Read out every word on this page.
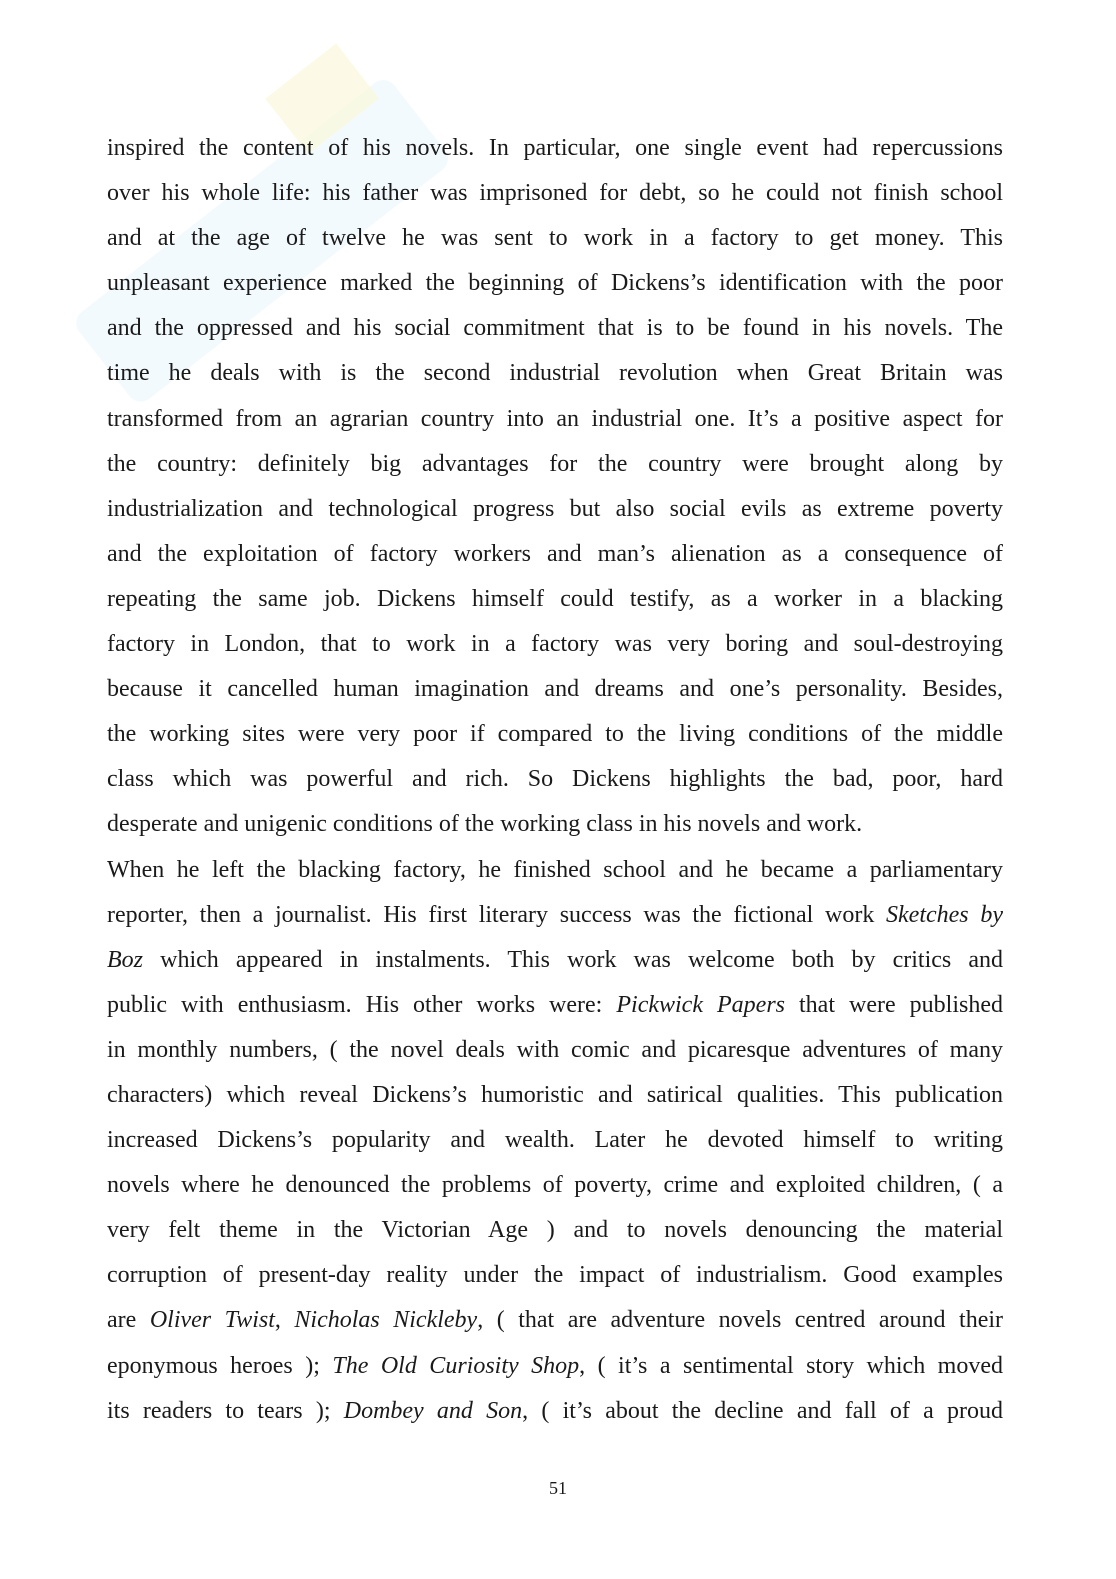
inspired the content of his novels. In particular, one single event had repercussions
over his whole life: his father was imprisoned for debt, so he could not finish school
and at the age of twelve he was sent to work in a factory to get money. This
unpleasant experience marked the beginning of Dickens’s identification with the poor
and the oppressed and his social commitment that is to be found in his novels. The
time he deals with is the second industrial revolution when Great Britain was
transformed from an agrarian country into an industrial one. It’s a positive aspect for
the country: definitely big advantages for the country were brought along by
industrialization and technological progress but also social evils as extreme poverty
and the exploitation of factory workers and man’s alienation as a consequence of
repeating the same job. Dickens himself could testify, as a worker in a blacking
factory in London, that to work in a factory was very boring and soul-destroying
because it cancelled human imagination and dreams and one’s personality. Besides,
the working sites were very poor if compared to the living conditions of the middle
class which was powerful and rich. So Dickens highlights the bad, poor, hard
desperate and unigenic conditions of the working class in his novels and work.
When he left the blacking factory, he finished school and he became a parliamentary
reporter, then a journalist. His first literary success was the fictional work Sketches by
Boz which appeared in instalments. This work was welcome both by critics and
public with enthusiasm. His other works were: Pickwick Papers that were published
in monthly numbers, ( the novel deals with comic and picaresque adventures of many
characters) which reveal Dickens’s humoristic and satirical qualities. This publication
increased Dickens’s popularity and wealth. Later he devoted himself to writing
novels where he denounced the problems of poverty, crime and exploited children, ( a
very felt theme in the Victorian Age ) and to novels denouncing the material
corruption of present-day reality under the impact of industrialism. Good examples
are Oliver Twist, Nicholas Nickleby, ( that are adventure novels centred around their
eponymous heroes ); The Old Curiosity Shop, ( it’s a sentimental story which moved
its readers to tears ); Dombey and Son, ( it’s about the decline and fall of a proud
51
